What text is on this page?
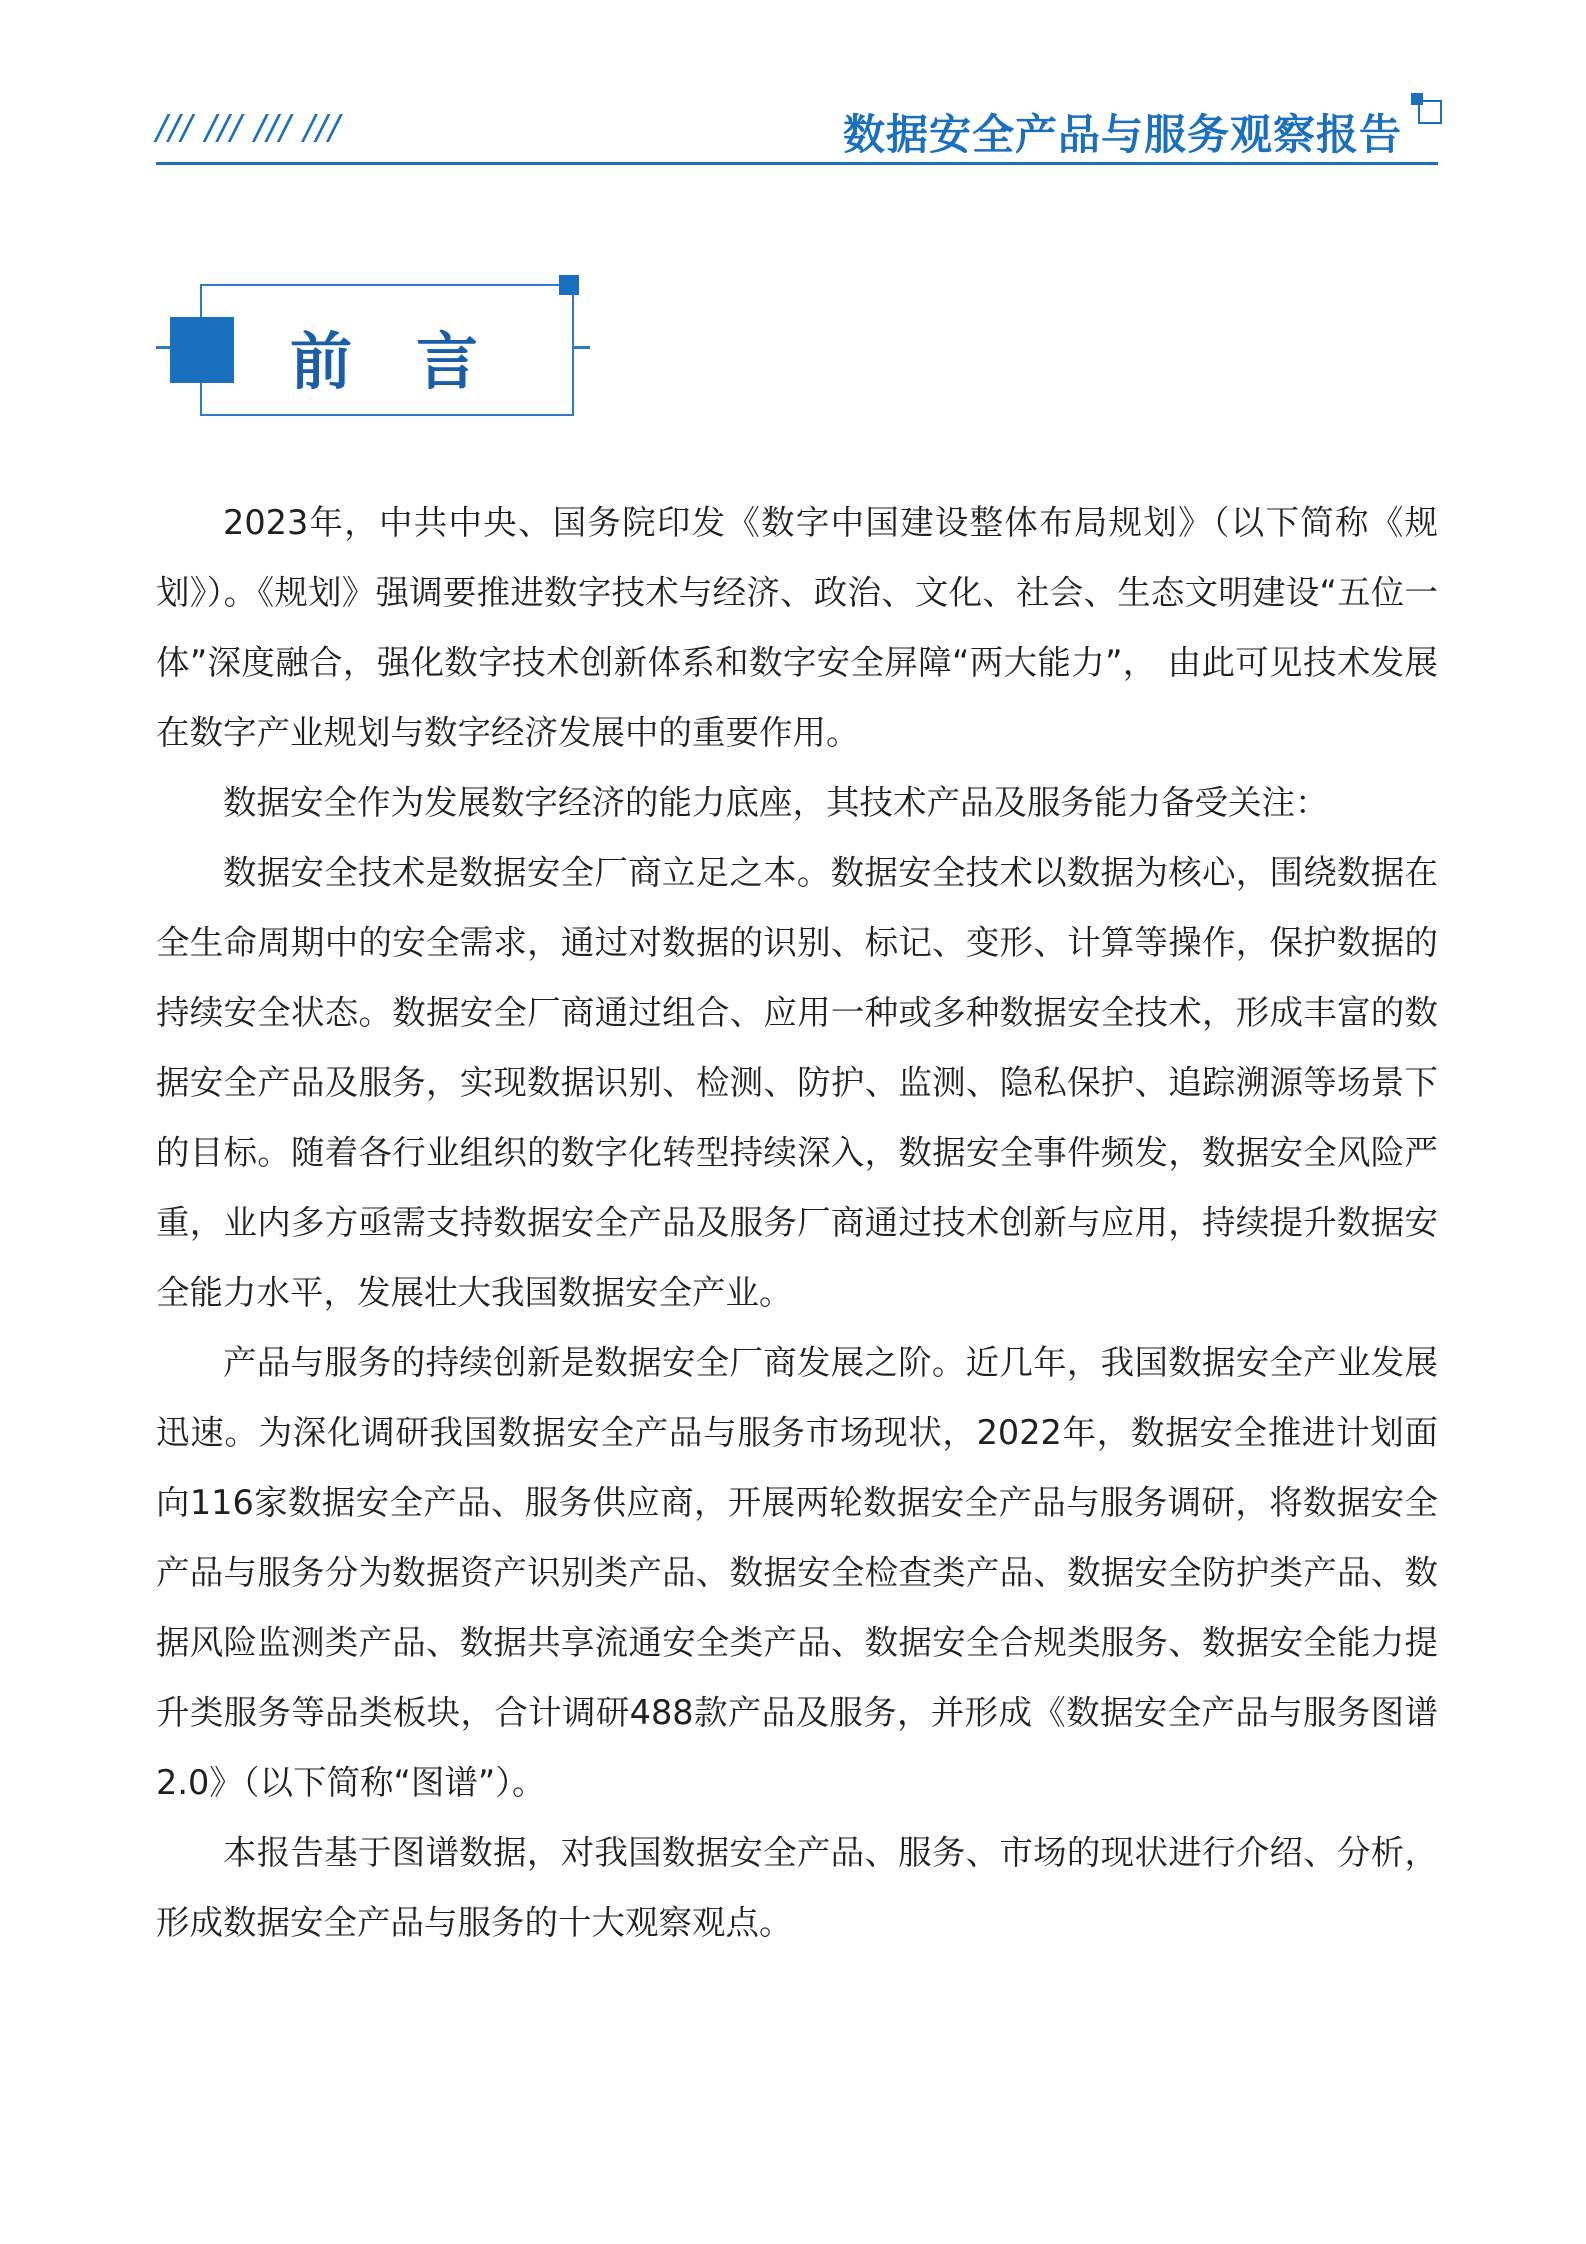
/// /// /// ///	数据安全产品与服务观察报告
前言

2023年，中共中央、国务院印发《数字中国建设整体布局规划》（以下简称《规划》）。《规划》强调要推进数字技术与经济、政治、文化、社会、生态文明建设“五位一体”深度融合，强化数字技术创新体系和数字安全屏障“两大能力”， 由此可见技术发展在数字产业规划与数字经济发展中的重要作用。

数据安全作为发展数字经济的能力底座，其技术产品及服务能力备受关注：

数据安全技术是数据安全厂商立足之本。数据安全技术以数据为核心，围绕数据在全生命周期中的安全需求，通过对数据的识别、标记、变形、计算等操作，保护数据的持续安全状态。数据安全厂商通过组合、应用一种或多种数据安全技术，形成丰富的数据安全产品及服务，实现数据识别、检测、防护、监测、隐私保护、追踪溯源等场景下的目标。随着各行业组织的数字化转型持续深入，数据安全事件频发，数据安全风险严重，业内多方亟需支持数据安全产品及服务厂商通过技术创新与应用，持续提升数据安全能力水平，发展壮大我国数据安全产业。

产品与服务的持续创新是数据安全厂商发展之阶。近几年，我国数据安全产业发展迅速。为深化调研我国数据安全产品与服务市场现状，2022年，数据安全推进计划面向116家数据安全产品、服务供应商，开展两轮数据安全产品与服务调研，将数据安全产品与服务分为数据资产识别类产品、数据安全检查类产品、数据安全防护类产品、数据风险监测类产品、数据共享流通安全类产品、数据安全合规类服务、数据安全能力提升类服务等品类板块，合计调研488款产品及服务，并形成《数据安全产品与服务图谱2.0》（以下简称“图谱”）。

本报告基于图谱数据，对我国数据安全产品、服务、市场的现状进行介绍、分析，形成数据安全产品与服务的十大观察观点。
